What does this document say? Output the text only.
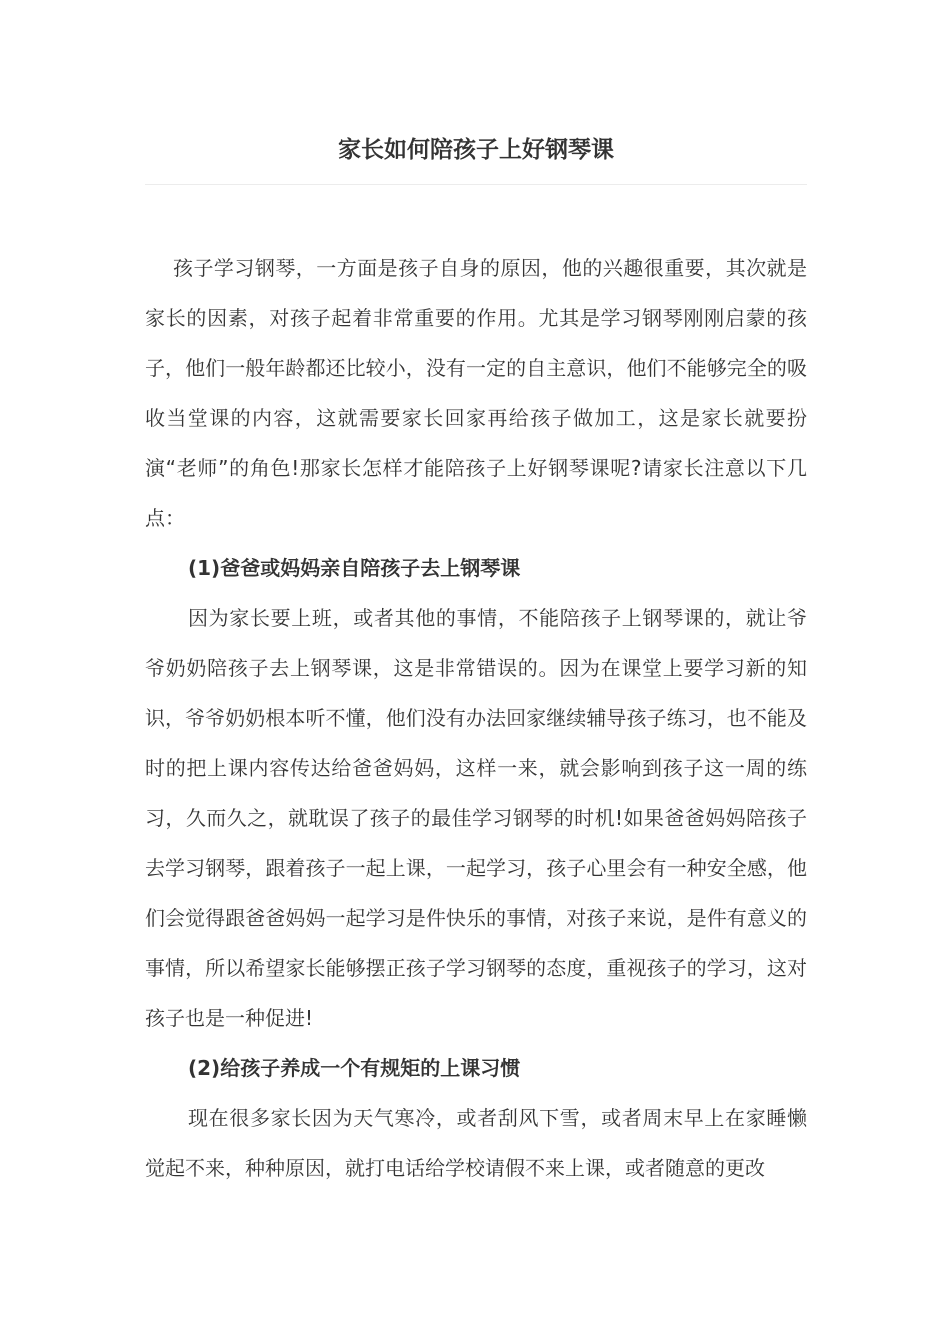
家长如何陪孩子上好钢琴课

孩子学习钢琴，一方面是孩子自身的原因，他的兴趣很重要，其次就是家长的因素，对孩子起着非常重要的作用。尤其是学习钢琴刚刚启蒙的孩子，他们一般年龄都还比较小，没有一定的自主意识，他们不能够完全的吸收当堂课的内容，这就需要家长回家再给孩子做加工，这是家长就要扮演“老师”的角色!那家长怎样才能陪孩子上好钢琴课呢?请家长注意以下几点：

(1)爸爸或妈妈亲自陪孩子去上钢琴课

因为家长要上班，或者其他的事情，不能陪孩子上钢琴课的，就让爷爷奶奶陪孩子去上钢琴课，这是非常错误的。因为在课堂上要学习新的知识，爷爷奶奶根本听不懂，他们没有办法回家继续辅导孩子练习，也不能及时的把上课内容传达给爸爸妈妈，这样一来，就会影响到孩子这一周的练习，久而久之，就耽误了孩子的最佳学习钢琴的时机!如果爸爸妈妈陪孩子去学习钢琴，跟着孩子一起上课，一起学习，孩子心里会有一种安全感，他们会觉得跟爸爸妈妈一起学习是件快乐的事情，对孩子来说，是件有意义的事情，所以希望家长能够摆正孩子学习钢琴的态度，重视孩子的学习，这对孩子也是一种促进!

(2)给孩子养成一个有规矩的上课习惯

现在很多家长因为天气寒冷，或者刮风下雪，或者周末早上在家睡懒觉起不来，种种原因，就打电话给学校请假不来上课，或者随意的更改
